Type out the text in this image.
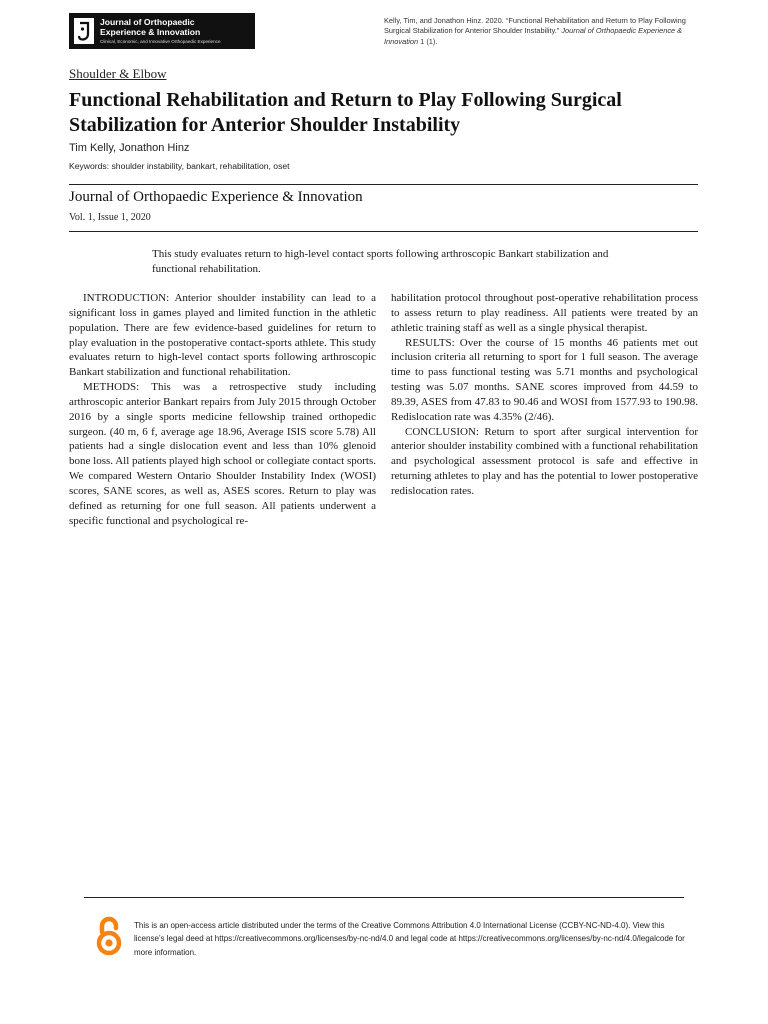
Journal of Orthopaedic
Experience & Innovation
Clinical, Economic, and Innovative Orthopaedic Experience
Kelly, Tim, and Jonathon Hinz. 2020. “Functional Rehabilitation and Return to Play Following Surgical Stabilization for Anterior Shoulder Instability.” Journal of Orthopaedic Experience & Innovation 1 (1).
Shoulder & Elbow
Functional Rehabilitation and Return to Play Following Surgical Stabilization for Anterior Shoulder Instability
Tim Kelly, Jonathon Hinz
Keywords: shoulder instability, bankart, rehabilitation, oset
Journal of Orthopaedic Experience & Innovation
Vol. 1, Issue 1, 2020

This study evaluates return to high-level contact sports following arthroscopic Bankart stabilization and functional rehabilitation.

INTRODUCTION: Anterior shoulder instability can lead to a significant loss in games played and limited function in the athletic population. There are few evidence-based guidelines for return to play evaluation in the postoperative contact-sports athlete. This study evaluates return to high-level contact sports following arthroscopic Bankart stabilization and functional rehabilitation.

METHODS: This was a retrospective study including arthroscopic anterior Bankart repairs from July 2015 through October 2016 by a single sports medicine fellowship trained orthopedic surgeon. (40 m, 6 f, average age 18.96, Average ISIS score 5.78) All patients had a single dislocation event and less than 10% glenoid bone loss. All patients played high school or collegiate contact sports. We compared Western Ontario Shoulder Instability Index (WOSI) scores, SANE scores, as well as, ASES scores. Return to play was defined as returning for one full season. All patients underwent a specific functional and psychological re-

habilitation protocol throughout post-operative rehabilitation process to assess return to play readiness. All patients were treated by an athletic training staff as well as a single physical therapist.

RESULTS: Over the course of 15 months 46 patients met out inclusion criteria all returning to sport for 1 full season. The average time to pass functional testing was 5.71 months and psychological testing was 5.07 months. SANE scores improved from 44.59 to 89.39, ASES from 47.83 to 90.46 and WOSI from 1577.93 to 190.98. Redislocation rate was 4.35% (2/46).

CONCLUSION: Return to sport after surgical intervention for anterior shoulder instability combined with a functional rehabilitation and psychological assessment protocol is safe and effective in returning athletes to play and has the potential to lower postoperative redislocation rates.

This is an open-access article distributed under the terms of the Creative Commons Attribution 4.0 International License (CCBY-NC-ND-4.0). View this license’s legal deed at https://creativecommons.org/licenses/by-nc-nd/4.0 and legal code at https://creativecommons.org/licenses/by-nc-nd/4.0/legalcode for more information.
